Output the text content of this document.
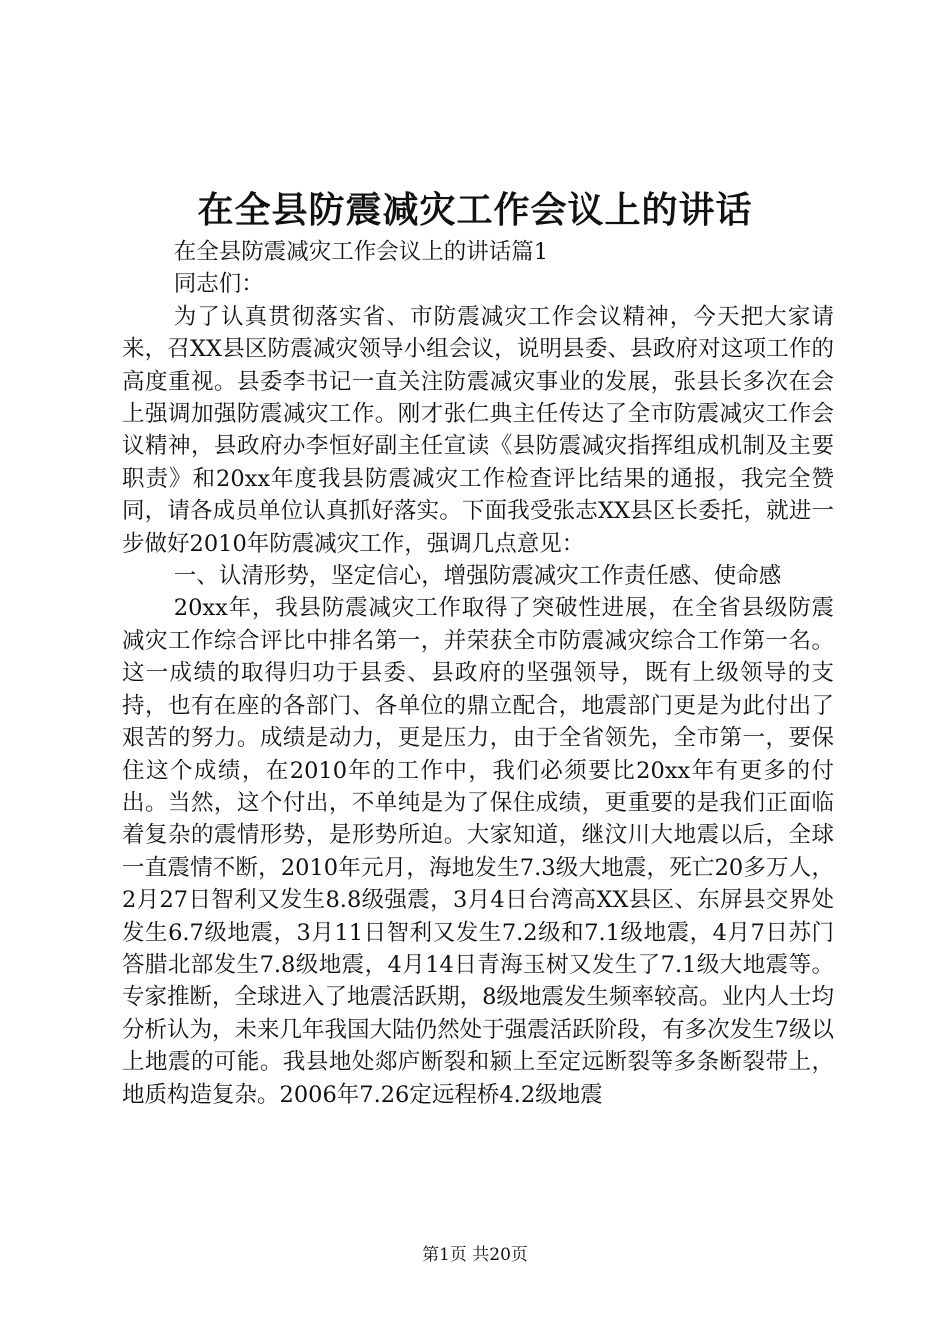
在全县防震减灾工作会议上的讲话

在全县防震减灾工作会议上的讲话篇1

同志们：

为了认真贯彻落实省、市防震减灾工作会议精神，今天把大家请来，召XX县区防震减灾领导小组会议，说明县委、县政府对这项工作的高度重视。县委李书记一直关注防震减灾事业的发展，张县长多次在会上强调加强防震减灾工作。刚才张仁典主任传达了全市防震减灾工作会议精神，县政府办李恒好副主任宣读《县防震减灾指挥组成机制及主要职责》和20xx年度我县防震减灾工作检查评比结果的通报，我完全赞同，请各成员单位认真抓好落实。下面我受张志XX县区长委托，就进一步做好2010年防震减灾工作，强调几点意见：

一、认清形势，坚定信心，增强防震减灾工作责任感、使命感

20xx年，我县防震减灾工作取得了突破性进展，在全省县级防震减灾工作综合评比中排名第一，并荣获全市防震减灾综合工作第一名。这一成绩的取得归功于县委、县政府的坚强领导，既有上级领导的支持，也有在座的各部门、各单位的鼎立配合，地震部门更是为此付出了艰苦的努力。成绩是动力，更是压力，由于全省领先，全市第一，要保住这个成绩，在2010年的工作中，我们必须要比20xx年有更多的付出。当然，这个付出，不单纯是为了保住成绩，更重要的是我们正面临着复杂的震情形势，是形势所迫。大家知道，继汶川大地震以后，全球一直震情不断，2010年元月，海地发生7.3级大地震，死亡20多万人，2月27日智利又发生8.8级强震，3月4日台湾高XX县区、东屏县交界处发生6.7级地震，3月11日智利又发生7.2级和7.1级地震，4月7日苏门答腊北部发生7.8级地震，4月14日青海玉树又发生了7.1级大地震等。专家推断，全球进入了地震活跃期，8级地震发生频率较高。业内人士均分析认为，未来几年我国大陆仍然处于强震活跃阶段，有多次发生7级以上地震的可能。我县地处郯庐断裂和颍上至定远断裂等多条断裂带上，地质构造复杂。2006年7.26定远程桥4.2级地震

第1页 共20页
